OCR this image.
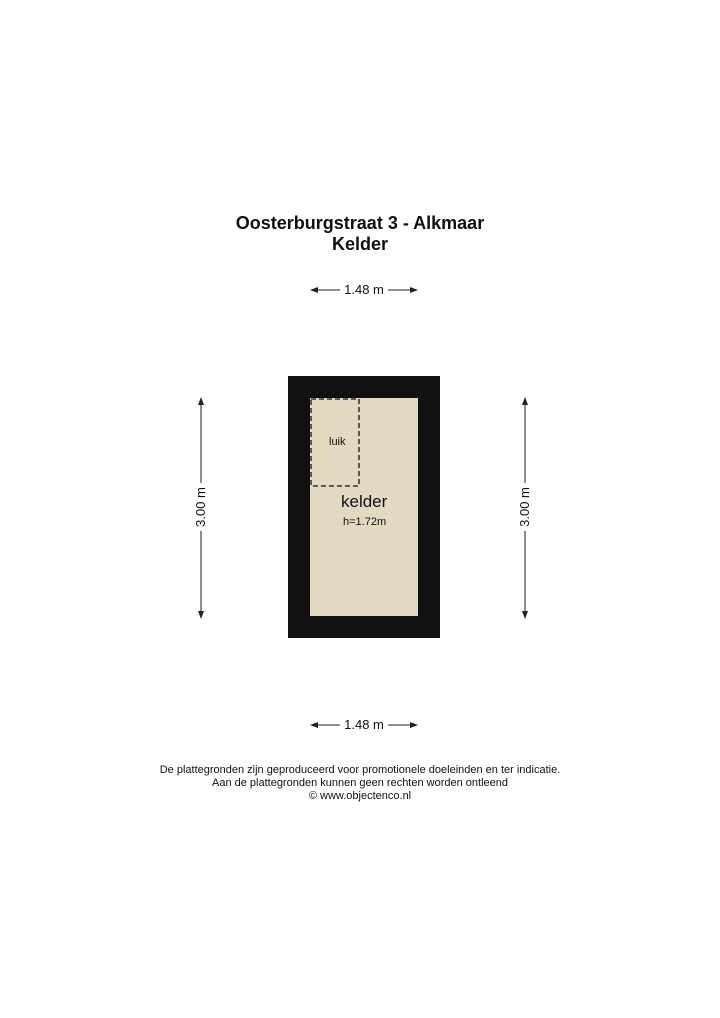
Oosterburgstraat 3 - Alkmaar
Kelder
1.48 m
1.48 m
3.00 m	3.00 m
luik
kelder
h=1.72m
De plattegronden zijn geproduceerd voor promotionele doeleinden en ter indicatie.
Aan de plattegronden kunnen geen rechten worden ontleend
© www.objectenco.nl
